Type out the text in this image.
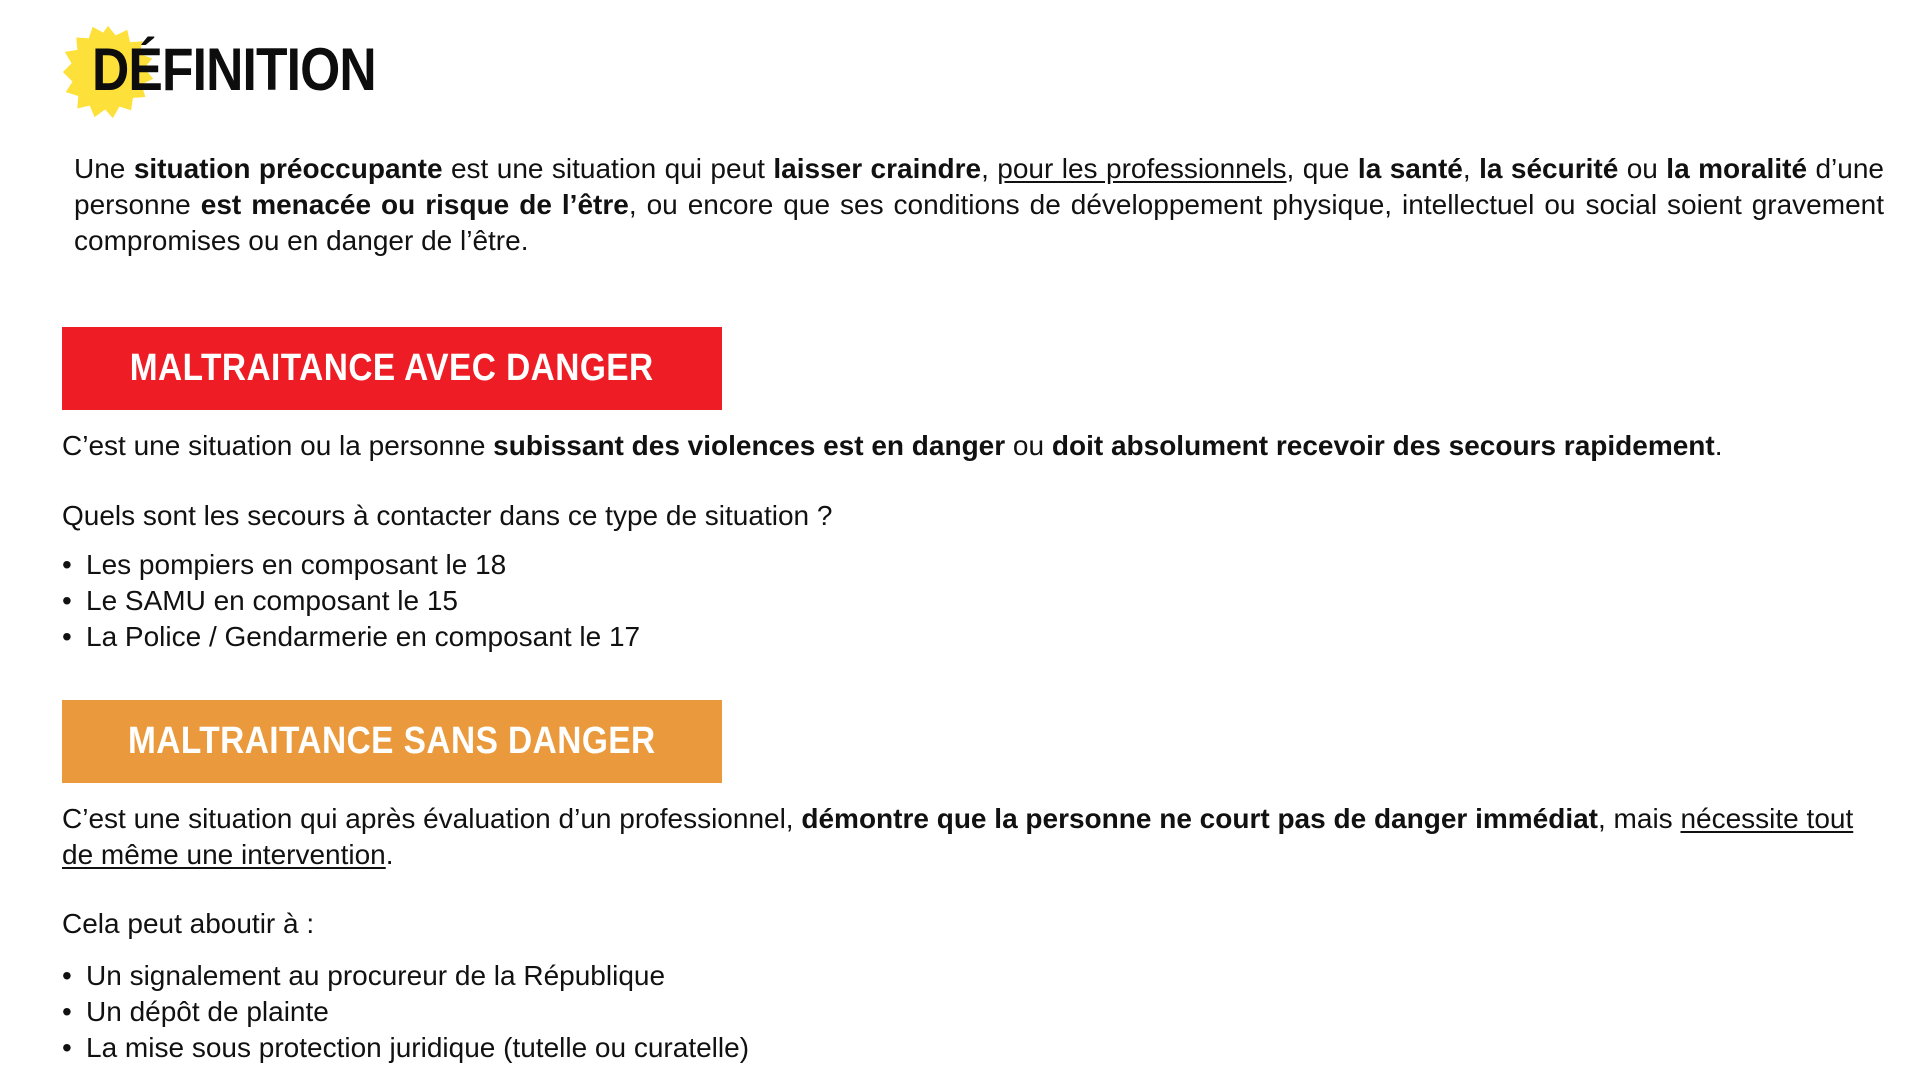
DÉFINITION

Une situation préoccupante est une situation qui peut laisser craindre, pour les professionnels, que la santé, la sécurité ou la moralité d’une personne est menacée ou risque de l’être, ou encore que ses conditions de développement physique, intellectuel ou social soient gravement compromises ou en danger de l’être.

MALTRAITANCE AVEC DANGER

C’est une situation ou la personne subissant des violences est en danger ou doit absolument recevoir des secours rapidement.

Quels sont les secours à contacter dans ce type de situation ?

• Les pompiers en composant le 18
• Le SAMU en composant le 15
• La Police / Gendarmerie en composant le 17
MALTRAITANCE SANS DANGER

C’est une situation qui après évaluation d’un professionnel, démontre que la personne ne court pas de danger immédiat, mais nécessite tout de même une intervention.

Cela peut aboutir à :

• Un signalement au procureur de la République
• Un dépôt de plainte
• La mise sous protection juridique (tutelle ou curatelle)
